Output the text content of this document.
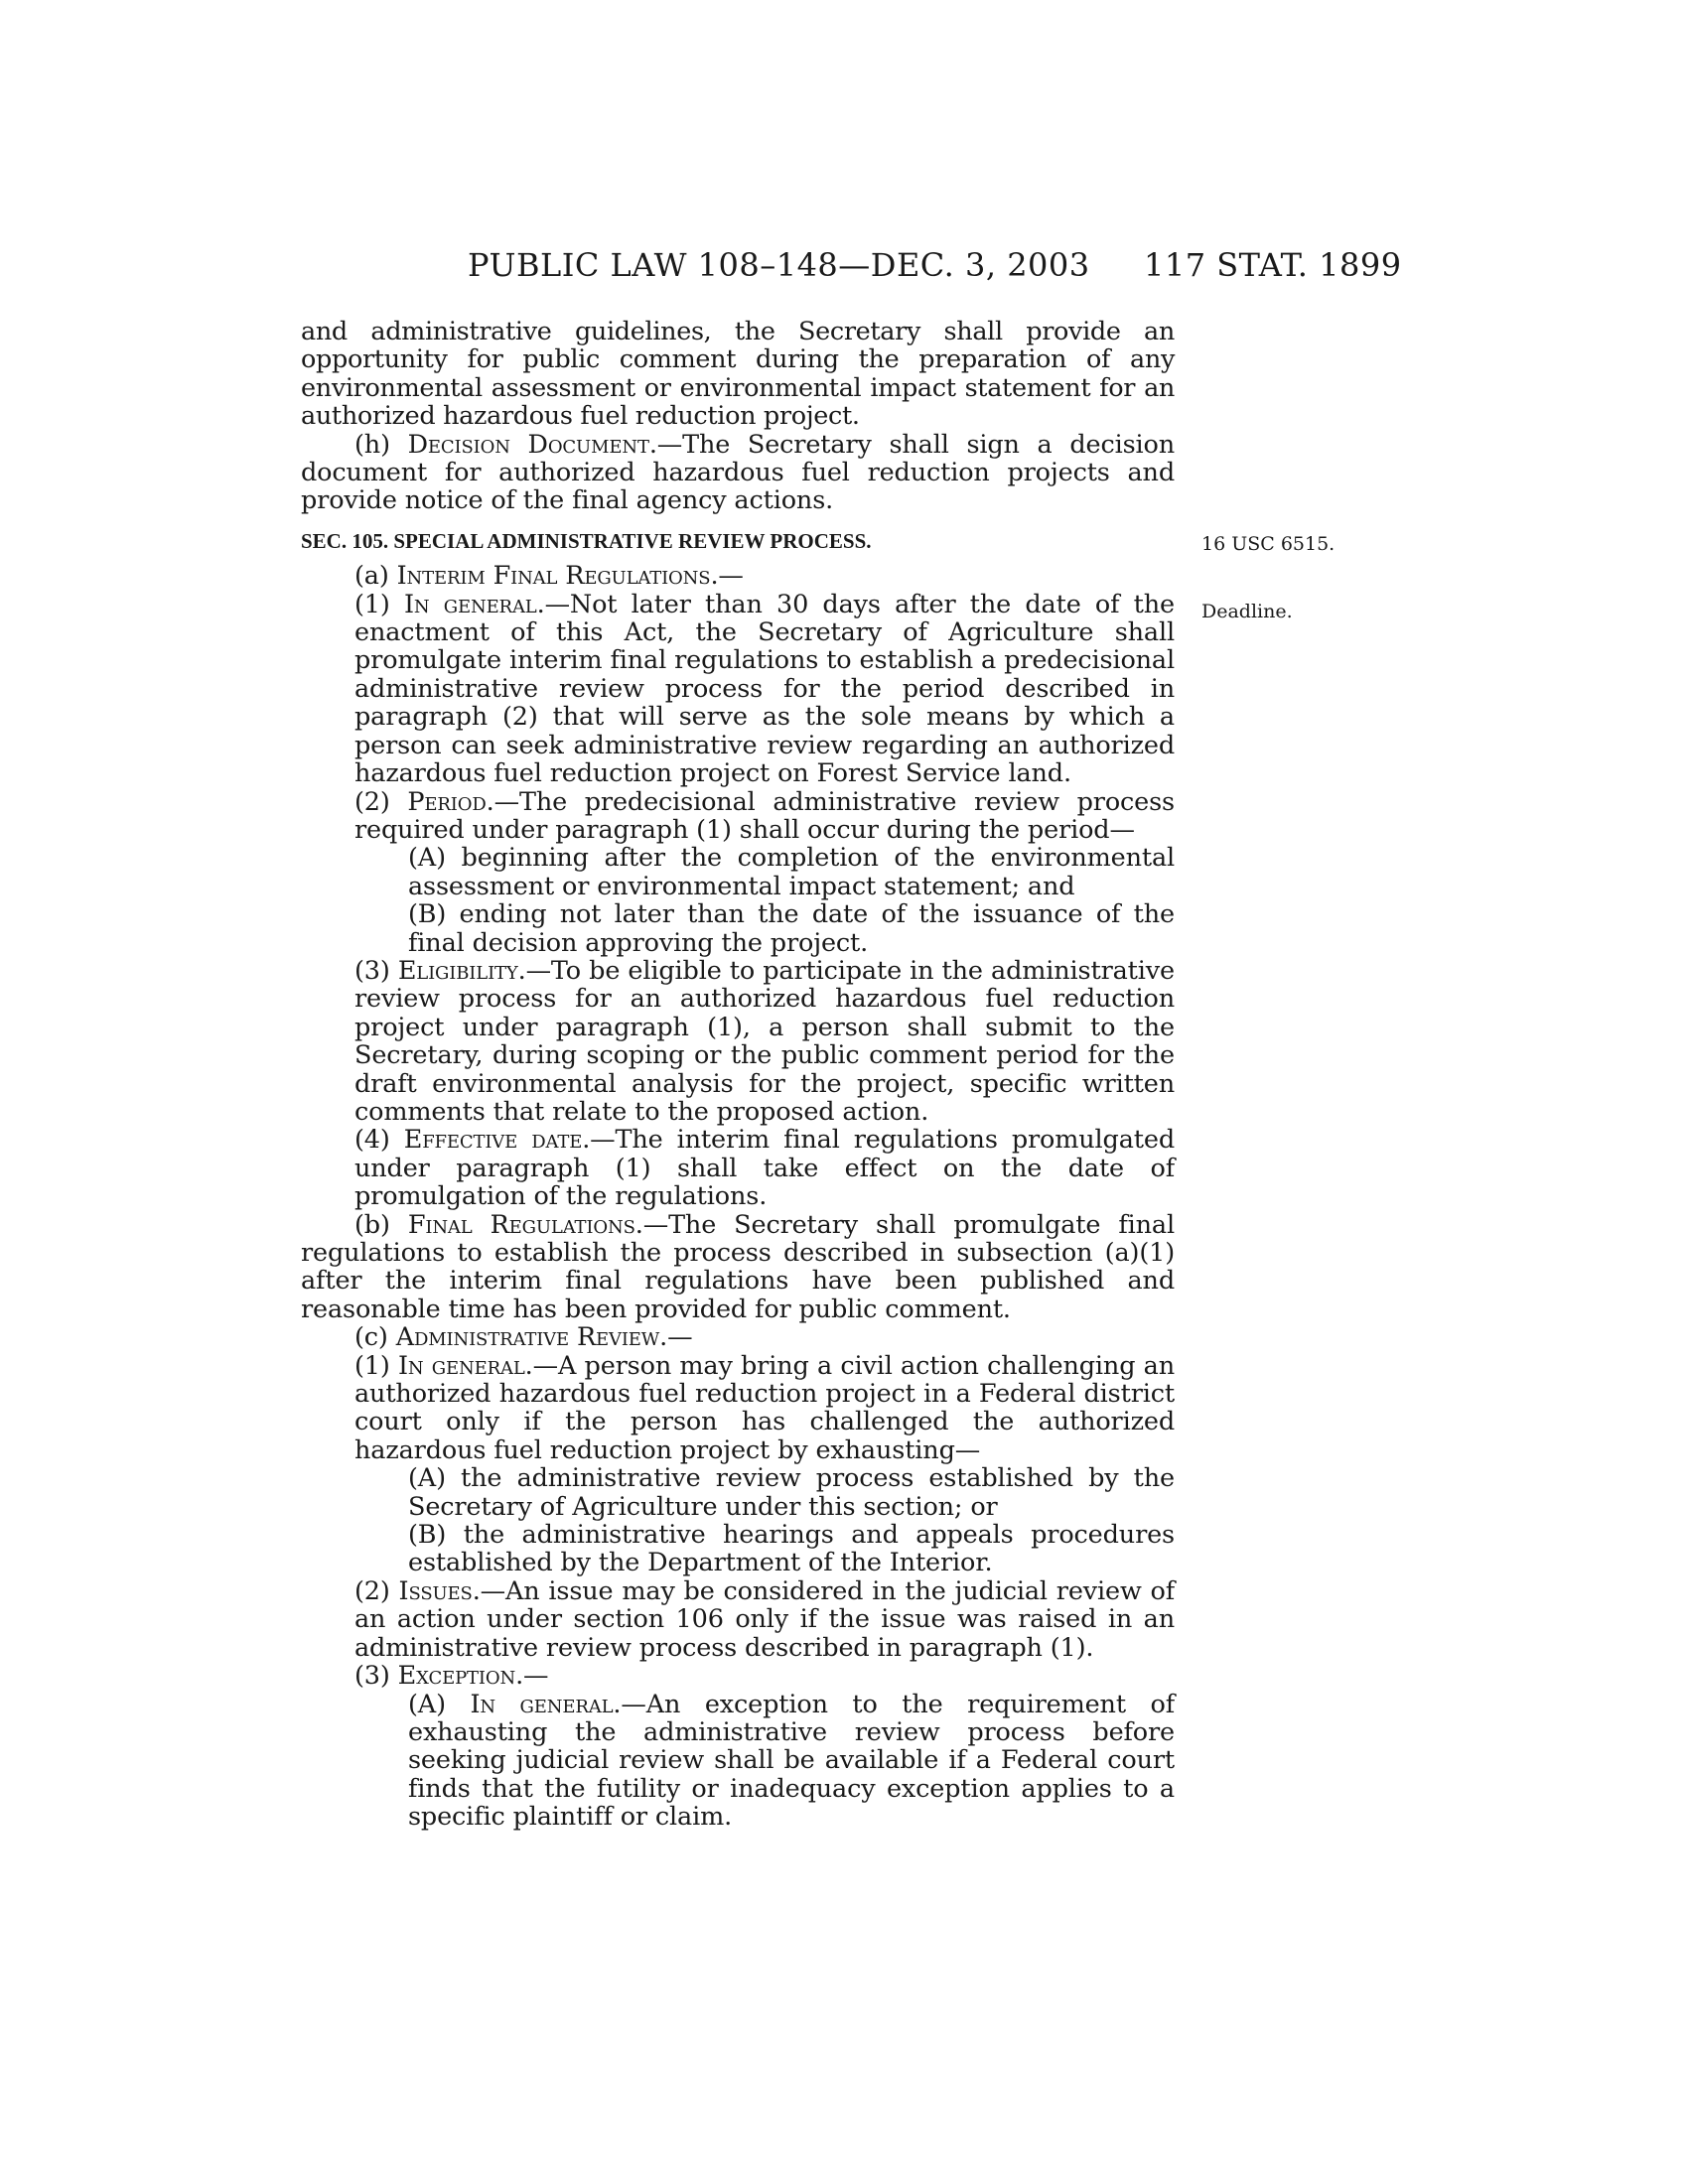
PUBLIC LAW 108–148—DEC. 3, 2003 117 STAT. 1899
16 USC 6515.
Deadline.

and administrative guidelines, the Secretary shall provide an opportunity for public comment during the preparation of any environmental assessment or environmental impact statement for an authorized hazardous fuel reduction project.

(h) Decision Document.—The Secretary shall sign a decision document for authorized hazardous fuel reduction projects and provide notice of the final agency actions.

SEC. 105. SPECIAL ADMINISTRATIVE REVIEW PROCESS.

(a) Interim Final Regulations.—

(1) In general.—Not later than 30 days after the date of the enactment of this Act, the Secretary of Agriculture shall promulgate interim final regulations to establish a predecisional administrative review process for the period described in paragraph (2) that will serve as the sole means by which a person can seek administrative review regarding an authorized hazardous fuel reduction project on Forest Service land.

(2) Period.—The predecisional administrative review process required under paragraph (1) shall occur during the period—

(A) beginning after the completion of the environmental assessment or environmental impact statement; and

(B) ending not later than the date of the issuance of the final decision approving the project.

(3) Eligibility.—To be eligible to participate in the administrative review process for an authorized hazardous fuel reduction project under paragraph (1), a person shall submit to the Secretary, during scoping or the public comment period for the draft environmental analysis for the project, specific written comments that relate to the proposed action.

(4) Effective date.—The interim final regulations promulgated under paragraph (1) shall take effect on the date of promulgation of the regulations.

(b) Final Regulations.—The Secretary shall promulgate final regulations to establish the process described in subsection (a)(1) after the interim final regulations have been published and reasonable time has been provided for public comment.

(c) Administrative Review.—

(1) In general.—A person may bring a civil action challenging an authorized hazardous fuel reduction project in a Federal district court only if the person has challenged the authorized hazardous fuel reduction project by exhausting—

(A) the administrative review process established by the Secretary of Agriculture under this section; or

(B) the administrative hearings and appeals procedures established by the Department of the Interior.

(2) Issues.—An issue may be considered in the judicial review of an action under section 106 only if the issue was raised in an administrative review process described in paragraph (1).

(3) Exception.—

(A) In general.—An exception to the requirement of exhausting the administrative review process before seeking judicial review shall be available if a Federal court finds that the futility or inadequacy exception applies to a specific plaintiff or claim.
